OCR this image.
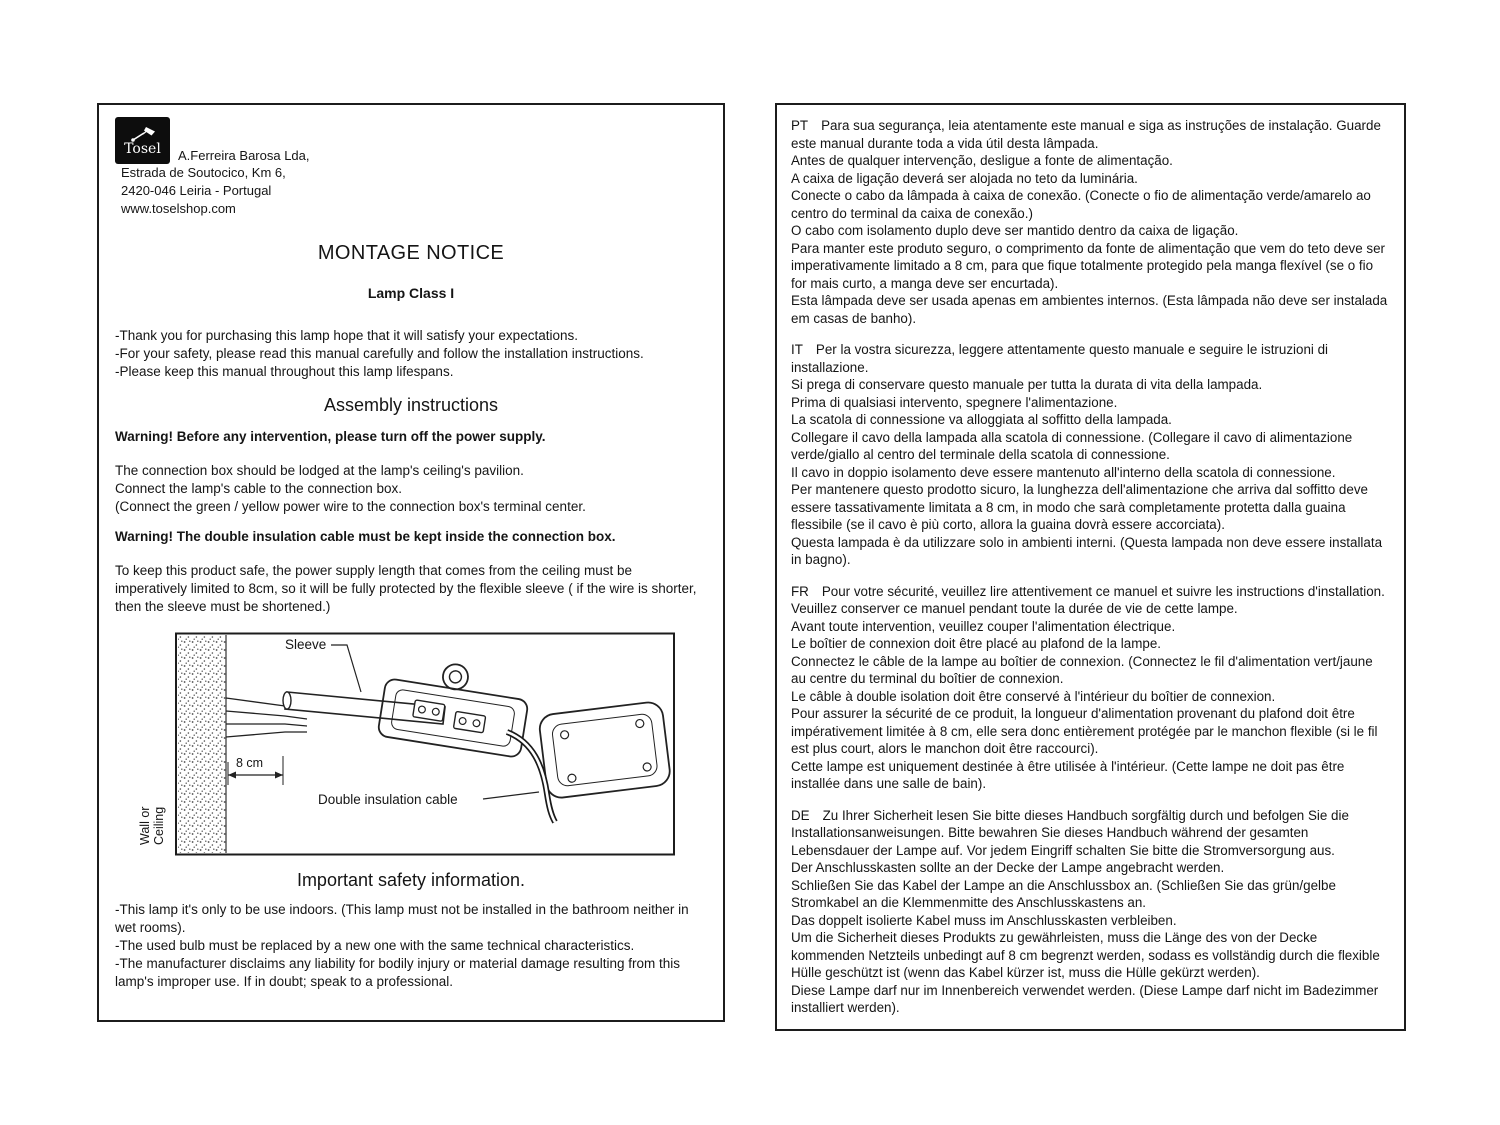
Tosel A.Ferreira Barosa Lda,
Estrada de Soutocico, Km 6,
2420-046 Leiria - Portugal
www.toselshop.com
MONTAGE NOTICE
Lamp Class I
-Thank you for purchasing this lamp hope that it will satisfy your expectations.
-For your safety, please read this manual carefully and follow the installation instructions.
-Please keep this manual throughout this lamp lifespans.
Assembly instructions

Warning! Before any intervention, please turn off the power supply.

The connection box should be lodged at the lamp's ceiling's pavilion.
Connect the lamp's cable to the connection box.
(Connect the green / yellow power wire to the connection box's terminal center.

Warning! The double insulation cable must be kept inside the connection box.

To keep this product safe, the power supply length that comes from the ceiling must be imperatively limited to 8cm, so it will be fully protected by the flexible sleeve ( if the wire is shorter, then the sleeve must be shortened.)

Wall or Ceiling
Sleeve
8 cm
Double insulation cable
Important safety information.

-This lamp it's only to be use indoors. (This lamp must not be installed in the bathroom neither in wet rooms).

-The used bulb must be replaced by a new one with the same technical characteristics.

-The manufacturer disclaims any liability for bodily injury or material damage resulting from this lamp's improper use. If in doubt; speak to a professional.

PT Para sua segurança, leia atentamente este manual e siga as instruções de instalação. Guarde este manual durante toda a vida útil desta lâmpada.

Antes de qualquer intervenção, desligue a fonte de alimentação.

A caixa de ligação deverá ser alojada no teto da luminária.

Conecte o cabo da lâmpada à caixa de conexão. (Conecte o fio de alimentação verde/amarelo ao centro do terminal da caixa de conexão.)

O cabo com isolamento duplo deve ser mantido dentro da caixa de ligação.

Para manter este produto seguro, o comprimento da fonte de alimentação que vem do teto deve ser imperativamente limitado a 8 cm, para que fique totalmente protegido pela manga flexível (se o fio for mais curto, a manga deve ser encurtada).

Esta lâmpada deve ser usada apenas em ambientes internos. (Esta lâmpada não deve ser instalada em casas de banho).

IT Per la vostra sicurezza, leggere attentamente questo manuale e seguire le istruzioni di installazione.

Si prega di conservare questo manuale per tutta la durata di vita della lampada.

Prima di qualsiasi intervento, spegnere l'alimentazione.

La scatola di connessione va alloggiata al soffitto della lampada.

Collegare il cavo della lampada alla scatola di connessione. (Collegare il cavo di alimentazione verde/giallo al centro del terminale della scatola di connessione.

Il cavo in doppio isolamento deve essere mantenuto all'interno della scatola di connessione.

Per mantenere questo prodotto sicuro, la lunghezza dell'alimentazione che arriva dal soffitto deve essere tassativamente limitata a 8 cm, in modo che sarà completamente protetta dalla guaina flessibile (se il cavo è più corto, allora la guaina dovrà essere accorciata).

Questa lampada è da utilizzare solo in ambienti interni. (Questa lampada non deve essere installata in bagno).

FR Pour votre sécurité, veuillez lire attentivement ce manuel et suivre les instructions d'installation. Veuillez conserver ce manuel pendant toute la durée de vie de cette lampe.

Avant toute intervention, veuillez couper l'alimentation électrique.

Le boîtier de connexion doit être placé au plafond de la lampe.

Connectez le câble de la lampe au boîtier de connexion. (Connectez le fil d'alimentation vert/jaune au centre du terminal du boîtier de connexion.

Le câble à double isolation doit être conservé à l'intérieur du boîtier de connexion.

Pour assurer la sécurité de ce produit, la longueur d'alimentation provenant du plafond doit être impérativement limitée à 8 cm, elle sera donc entièrement protégée par le manchon flexible (si le fil est plus court, alors le manchon doit être raccourci).

Cette lampe est uniquement destinée à être utilisée à l'intérieur. (Cette lampe ne doit pas être installée dans une salle de bain).

DE Zu Ihrer Sicherheit lesen Sie bitte dieses Handbuch sorgfältig durch und befolgen Sie die Installationsanweisungen. Bitte bewahren Sie dieses Handbuch während der gesamten Lebensdauer der Lampe auf. Vor jedem Eingriff schalten Sie bitte die Stromversorgung aus.

Der Anschlusskasten sollte an der Decke der Lampe angebracht werden.

Schließen Sie das Kabel der Lampe an die Anschlussbox an. (Schließen Sie das grün/gelbe Stromkabel an die Klemmenmitte des Anschlusskastens an.

Das doppelt isolierte Kabel muss im Anschlusskasten verbleiben.

Um die Sicherheit dieses Produkts zu gewährleisten, muss die Länge des von der Decke kommenden Netzteils unbedingt auf 8 cm begrenzt werden, sodass es vollständig durch die flexible Hülle geschützt ist (wenn das Kabel kürzer ist, muss die Hülle gekürzt werden).

Diese Lampe darf nur im Innenbereich verwendet werden. (Diese Lampe darf nicht im Badezimmer installiert werden).
